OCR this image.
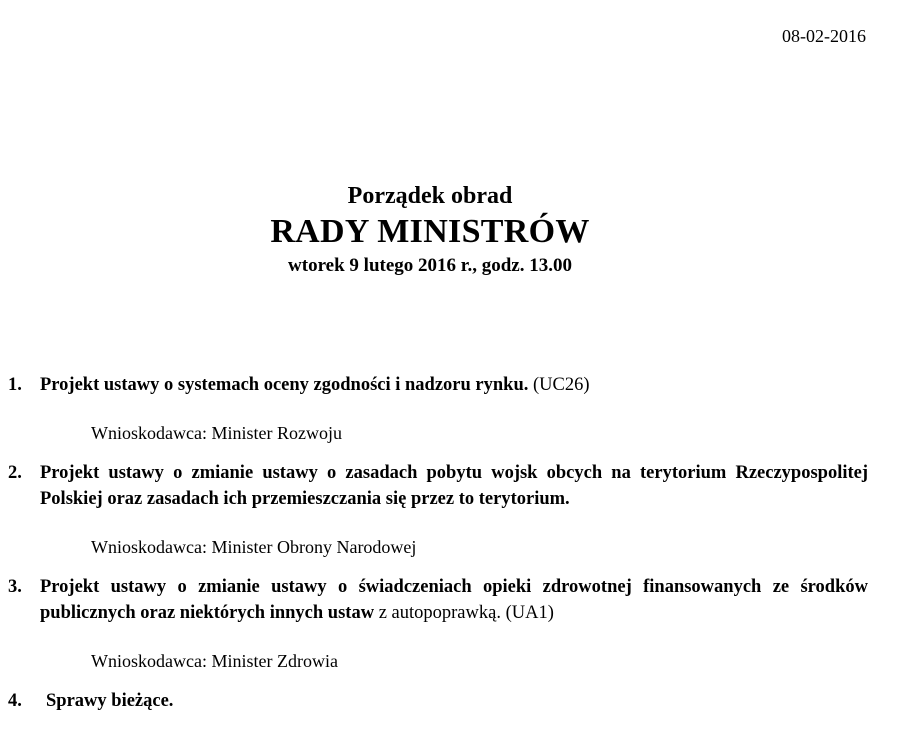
08-02-2016
Porządek obrad
RADY MINISTRÓW
wtorek 9 lutego 2016 r., godz. 13.00
1. Projekt ustawy o systemach oceny zgodności i nadzoru rynku. (UC26)
Wnioskodawca: Minister Rozwoju
2. Projekt ustawy o zmianie ustawy o zasadach pobytu wojsk obcych na terytorium Rzeczypospolitej Polskiej oraz zasadach ich przemieszczania się przez to terytorium.
Wnioskodawca: Minister Obrony Narodowej
3. Projekt ustawy o zmianie ustawy o świadczeniach opieki zdrowotnej finansowanych ze środków publicznych oraz niektórych innych ustaw z autopoprawką. (UA1)
Wnioskodawca: Minister Zdrowia
4. Sprawy bieżące.
